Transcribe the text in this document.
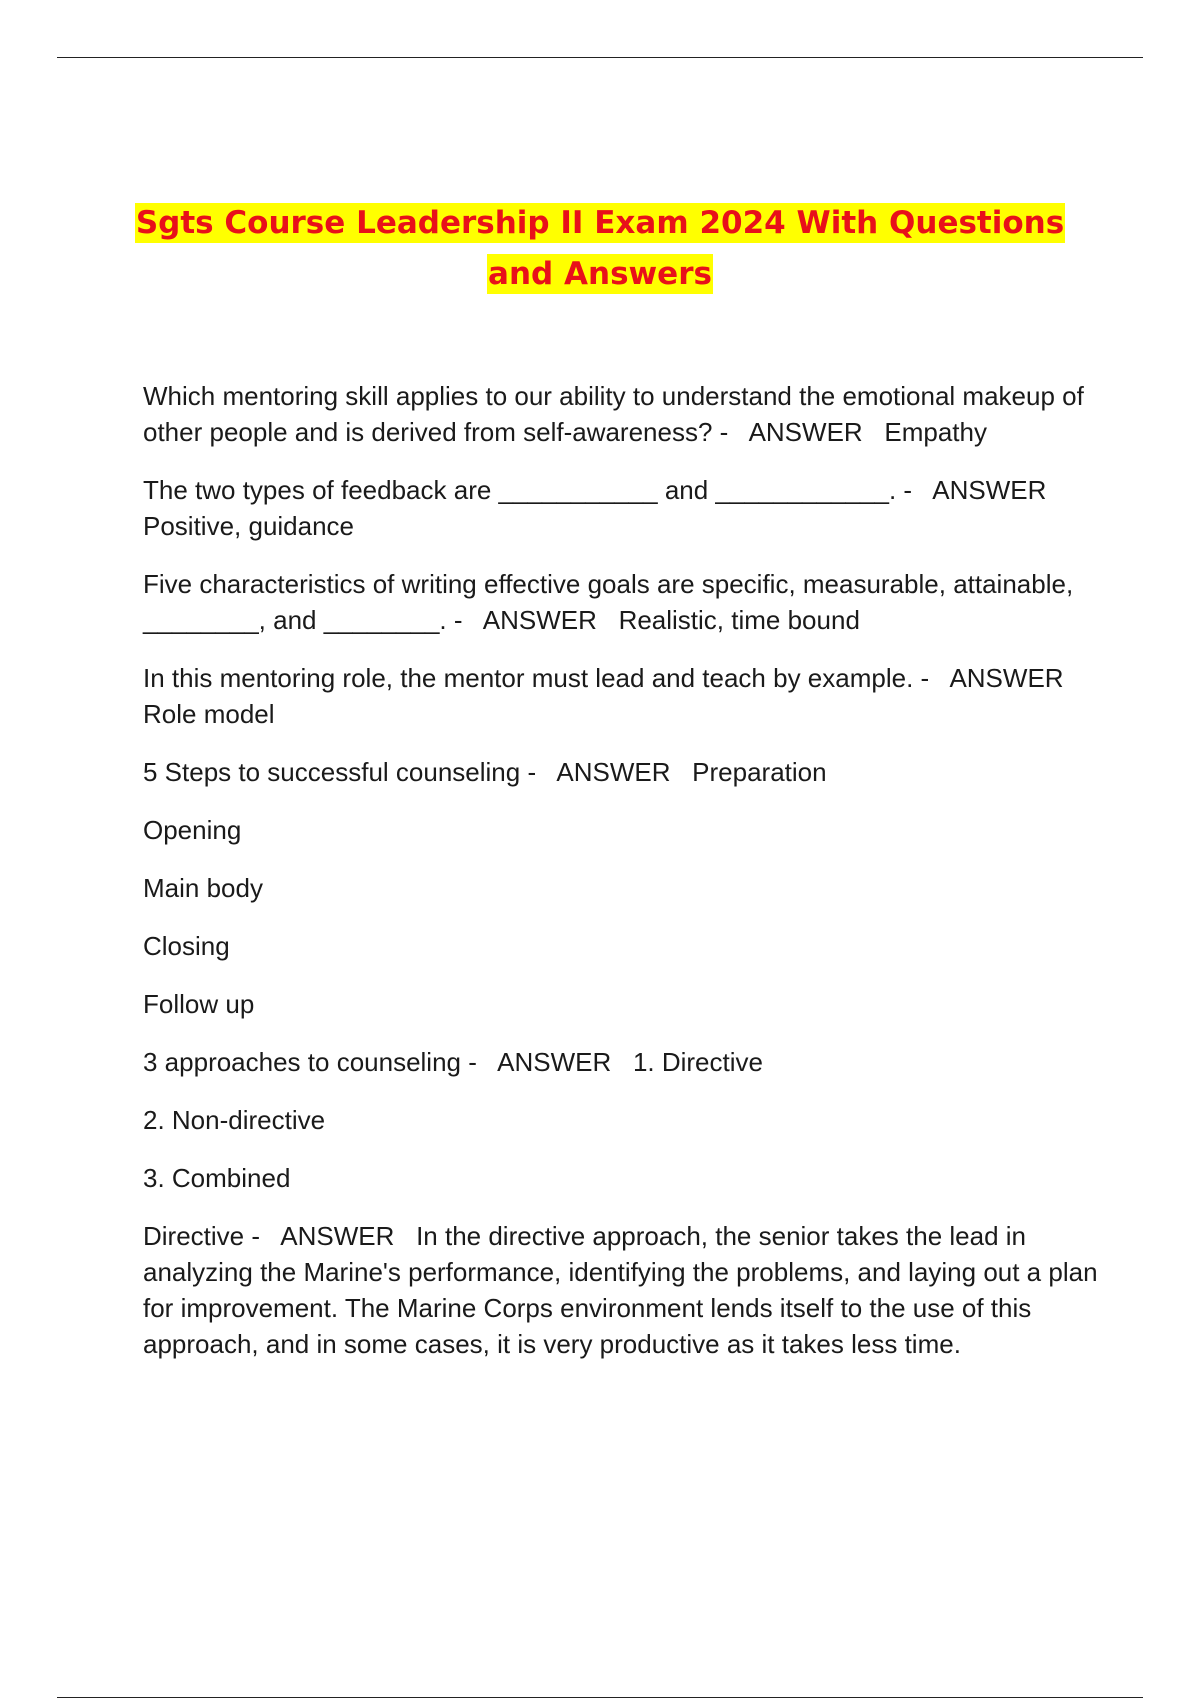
Sgts Course Leadership II Exam 2024 With Questions
and Answers

Which mentoring skill applies to our ability to understand the emotional makeup of other people and is derived from self-awareness? - ANSWER Empathy

The two types of feedback are ___________ and ____________. - ANSWER   Positive, guidance

Five characteristics of writing effective goals are specific, measurable, attainable, ________, and ________. - ANSWER Realistic, time bound

In this mentoring role, the mentor must lead and teach by example. - ANSWER   Role model

5 Steps to successful counseling - ANSWER Preparation

Opening

Main body

Closing

Follow up

3 approaches to counseling - ANSWER 1. Directive

2. Non-directive

3. Combined

Directive - ANSWER In the directive approach, the senior takes the lead in analyzing the Marine's performance, identifying the problems, and laying out a plan for improvement. The Marine Corps environment lends itself to the use of this approach, and in some cases, it is very productive as it takes less time.
